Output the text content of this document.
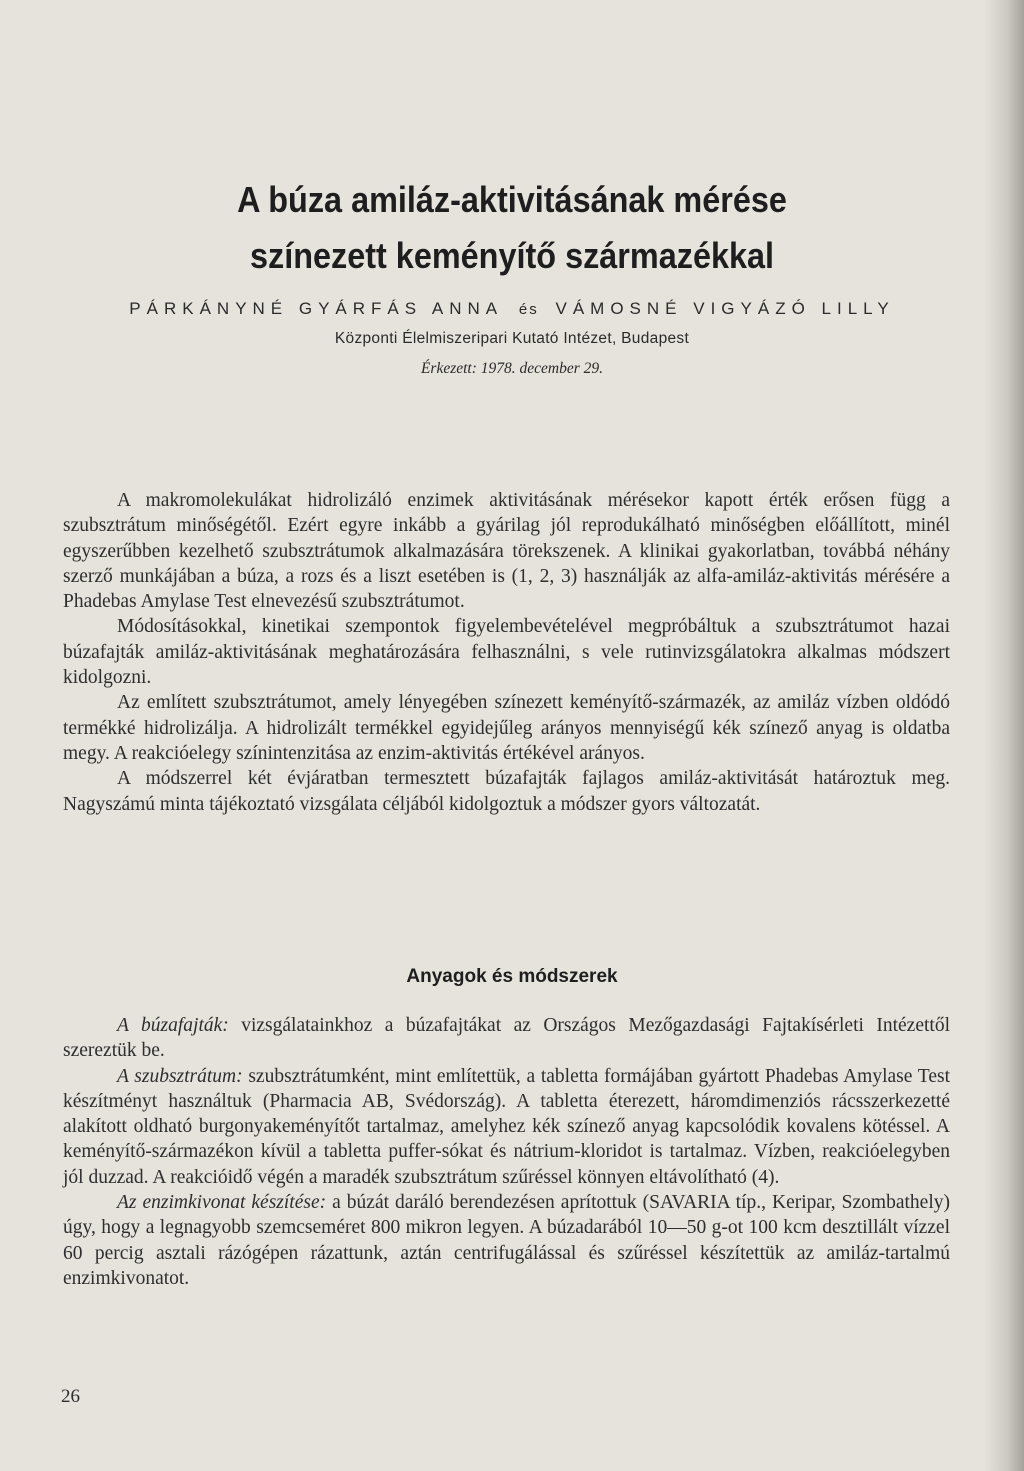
A búza amiláz-aktivitásának mérése
színezett keményítő származékkal
PÁRKÁNYNÉ GYÁRFÁS ANNA és VÁMOSNÉ VIGYÁZÓ LILLY
Központi Élelmiszeripari Kutató Intézet, Budapest
Érkezett: 1978. december 29.

A makromolekulákat hidrolizáló enzimek aktivitásának mérésekor kapott érték erősen függ a szubsztrátum minőségétől. Ezért egyre inkább a gyárilag jól reprodukálható minőségben előállított, minél egyszerűbben kezelhető szubsztrátumok alkalmazására törekszenek. A klinikai gyakorlatban, továbbá néhány szerző munkájában a búza, a rozs és a liszt esetében is (1, 2, 3) használják az alfa-amiláz-aktivitás mérésére a Phadebas Amylase Test elnevezésű szubsztrátumot.

Módosításokkal, kinetikai szempontok figyelembevételével megpróbáltuk a szubsztrátumot hazai búzafajták amiláz-aktivitásának meghatározására felhasználni, s vele rutinvizsgálatokra alkalmas módszert kidolgozni.

Az említett szubsztrátumot, amely lényegében színezett keményítő-származék, az amiláz vízben oldódó termékké hidrolizálja. A hidrolizált termékkel egyidejűleg arányos mennyiségű kék színező anyag is oldatba megy. A reakcióelegy színintenzitása az enzim-aktivitás értékével arányos.

A módszerrel két évjáratban termesztett búzafajták fajlagos amiláz-aktivitását határoztuk meg. Nagyszámú minta tájékoztató vizsgálata céljából kidolgoztuk a módszer gyors változatát.

Anyagok és módszerek

A búzafajták: vizsgálatainkhoz a búzafajtákat az Országos Mezőgazdasági Fajtakísérleti Intézettől szereztük be.

A szubsztrátum: szubsztrátumként, mint említettük, a tabletta formájában gyártott Phadebas Amylase Test készítményt használtuk (Pharmacia AB, Svédország). A tabletta éterezett, háromdimenziós rácsszerkezetté alakított oldható burgonyakeményítőt tartalmaz, amelyhez kék színező anyag kapcsolódik kovalens kötéssel. A keményítő-származékon kívül a tabletta puffer-sókat és nátrium-kloridot is tartalmaz. Vízben, reakcióelegyben jól duzzad. A reakcióidő végén a maradék szubsztrátum szűréssel könnyen eltávolítható (4).

Az enzimkivonat készítése: a búzát daráló berendezésen aprítottuk (SAVARIA típ., Keripar, Szombathely) úgy, hogy a legnagyobb szemcseméret 800 mikron legyen. A búzadarából 10—50 g-ot 100 kcm desztillált vízzel 60 percig asztali rázógépen rázattunk, aztán centrifugálással és szűréssel készítettük az amiláz-tartalmú enzimkivonatot.

26
